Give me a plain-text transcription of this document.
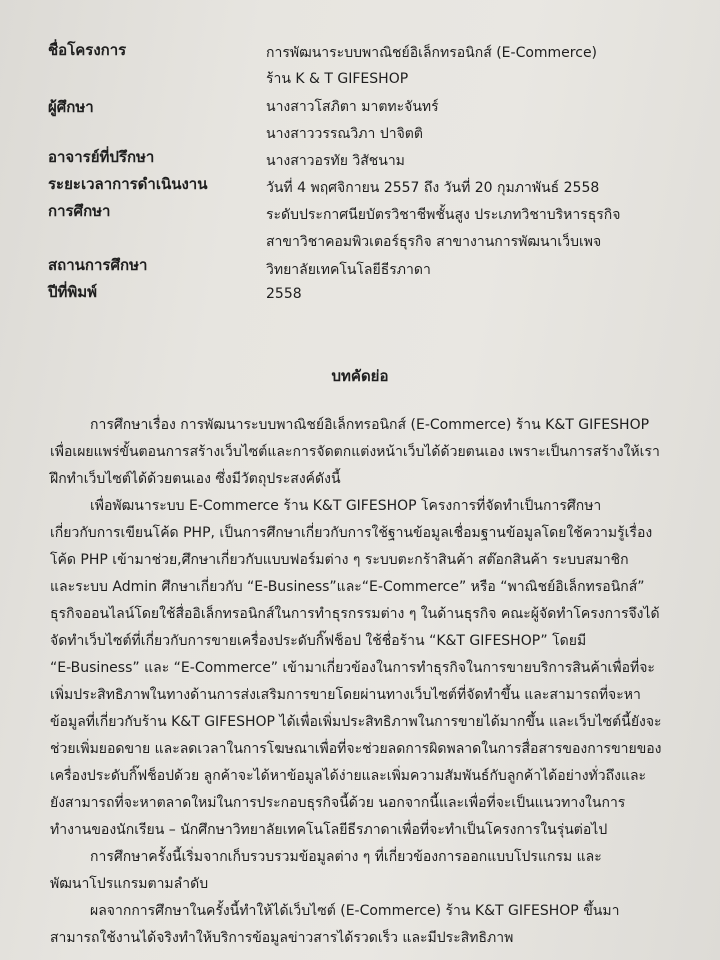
ชื่อโครงการ
ผู้ศึกษา
อาจารย์ที่ปรึกษา
ระยะเวลาการดำเนินงาน
การศึกษา
สถานการศึกษา
ปีที่พิมพ์
การพัฒนาระบบพาณิชย์อิเล็กทรอนิกส์ (E-Commerce)
ร้าน K & T GIFESHOP
นางสาวโสภิตา มาตทะจันทร์
นางสาววรรณวิภา ปาจิตติ
นางสาวอรทัย วิสัชนาม
วันที่ 4 พฤศจิกายน 2557 ถึง วันที่ 20 กุมภาพันธ์ 2558
ระดับประกาศนียบัตรวิชาชีพชั้นสูง ประเภทวิชาบริหารธุรกิจ
สาขาวิชาคอมพิวเตอร์ธุรกิจ สาขางานการพัฒนาเว็บเพจ
วิทยาลัยเทคโนโลยีธีรภาดา
2558
บทคัดย่อ
การศึกษาเรื่อง การพัฒนาระบบพาณิชย์อิเล็กทรอนิกส์ (E-Commerce) ร้าน K&T GIFESHOP
เพื่อเผยแพร่ขั้นตอนการสร้างเว็บไซต์และการจัดตกแต่งหน้าเว็บได้ด้วยตนเอง เพราะเป็นการสร้างให้เรา
ฝึกทำเว็บไซต์ได้ด้วยตนเอง ซึ่งมีวัตถุประสงค์ดังนี้
เพื่อพัฒนาระบบ E-Commerce ร้าน K&T GIFESHOP โครงการที่จัดทำเป็นการศึกษา
เกี่ยวกับการเขียนโค้ด PHP, เป็นการศึกษาเกี่ยวกับการใช้ฐานข้อมูลเชื่อมฐานข้อมูลโดยใช้ความรู้เรื่อง
โค้ด PHP เข้ามาช่วย,ศึกษาเกี่ยวกับแบบฟอร์มต่าง ๆ ระบบตะกร้าสินค้า สต๊อกสินค้า ระบบสมาชิก
และระบบ Admin ศึกษาเกี่ยวกับ “E-Business”และ“E-Commerce” หรือ “พาณิชย์อิเล็กทรอนิกส์”
ธุรกิจออนไลน์โดยใช้สื่ออิเล็กทรอนิกส์ในการทำธุรกรรมต่าง ๆ ในด้านธุรกิจ คณะผู้จัดทำโครงการจึงได้
จัดทำเว็บไซต์ที่เกี่ยวกับการขายเครื่องประดับกิ๊ฟช็อป ใช้ชื่อร้าน “K&T GIFESHOP” โดยมี
“E-Business” และ “E-Commerce” เข้ามาเกี่ยวข้องในการทำธุรกิจในการขายบริการสินค้าเพื่อที่จะ
เพิ่มประสิทธิภาพในทางด้านการส่งเสริมการขายโดยผ่านทางเว็บไซต์ที่จัดทำขึ้น และสามารถที่จะหา
ข้อมูลที่เกี่ยวกับร้าน K&T GIFESHOP ได้เพื่อเพิ่มประสิทธิภาพในการขายได้มากขึ้น และเว็บไซต์นี้ยังจะ
ช่วยเพิ่มยอดขาย และลดเวลาในการโฆษณาเพื่อที่จะช่วยลดการผิดพลาดในการสื่อสารของการขายของ
เครื่องประดับกิ๊ฟช็อปด้วย ลูกค้าจะได้หาข้อมูลได้ง่ายและเพิ่มความสัมพันธ์กับลูกค้าได้อย่างทั่วถึงและ
ยังสามารถที่จะหาตลาดใหม่ในการประกอบธุรกิจนี้ด้วย นอกจากนี้และเพื่อที่จะเป็นแนวทางในการ
ทำงานของนักเรียน – นักศึกษาวิทยาลัยเทคโนโลยีธีรภาดาเพื่อที่จะทำเป็นโครงการในรุ่นต่อไป
การศึกษาครั้งนี้เริ่มจากเก็บรวบรวมข้อมูลต่าง ๆ ที่เกี่ยวข้องการออกแบบโปรแกรม และ
พัฒนาโปรแกรมตามลำดับ
ผลจากการศึกษาในครั้งนี้ทำให้ได้เว็บไซต์ (E-Commerce) ร้าน K&T GIFESHOP ขึ้นมา
สามารถใช้งานได้จริงทำให้บริการข้อมูลข่าวสารได้รวดเร็ว และมีประสิทธิภาพ
